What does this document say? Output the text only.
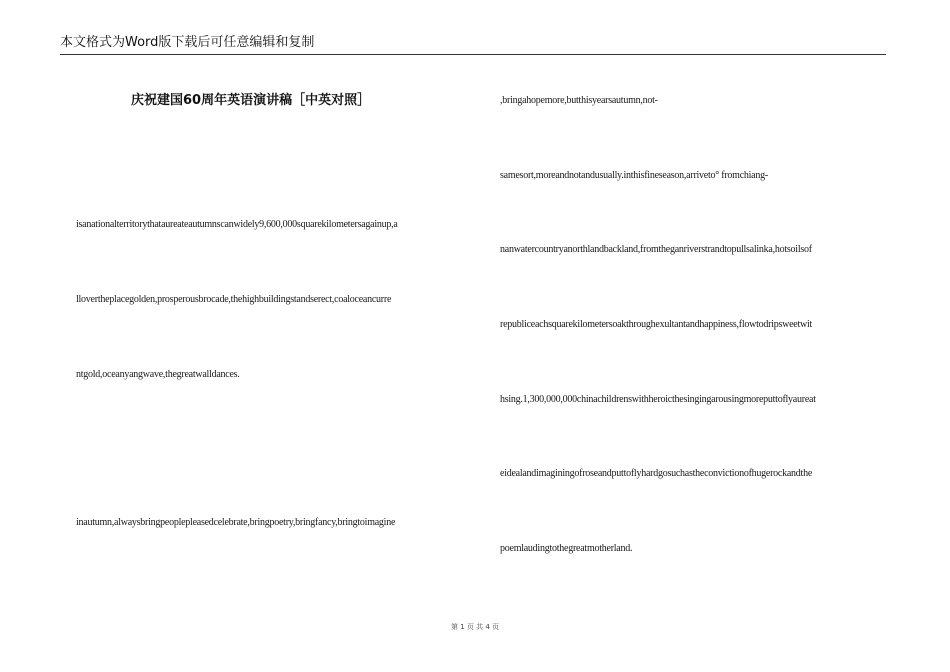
本文格式为Word版下载后可任意编辑和复制
庆祝建国60周年英语演讲稿［中英对照］
isanationalterritorythataureateautumnscanwidely9,600,000squarekilometersagainup,a
llovertheplacegolden,prosperousbrocade,thehighbuildingstandserect,coaloceancurre
ntgold,oceanyangwave,thegreatwalldances.
inautumn,alwaysbringpeoplepleasedcelebrate,bringpoetry,bringfancy,bringtoimagine
,bringahopemore,butthisyearsautumn,not-
samesort,moreandnotandusually.inthisfineseason,arriveto° fromchiang-
nanwatercountryanorthlandbackland,fromtheganriverstrandtopullsalinka,hotsoilsof
republiceachsquarekilometersoakthroughexultantandhappiness,flowtodripsweetwit
hsing.1,300,000,000chinachildrenswithheroicthesingingarousingmoreputtoflyaureat
eidealandimaginingofroseandputtoflyhardgosuchastheconvictionofhugerockandthe
poemlaudingtothegreatmotherland.
第 1 页 共 4 页
